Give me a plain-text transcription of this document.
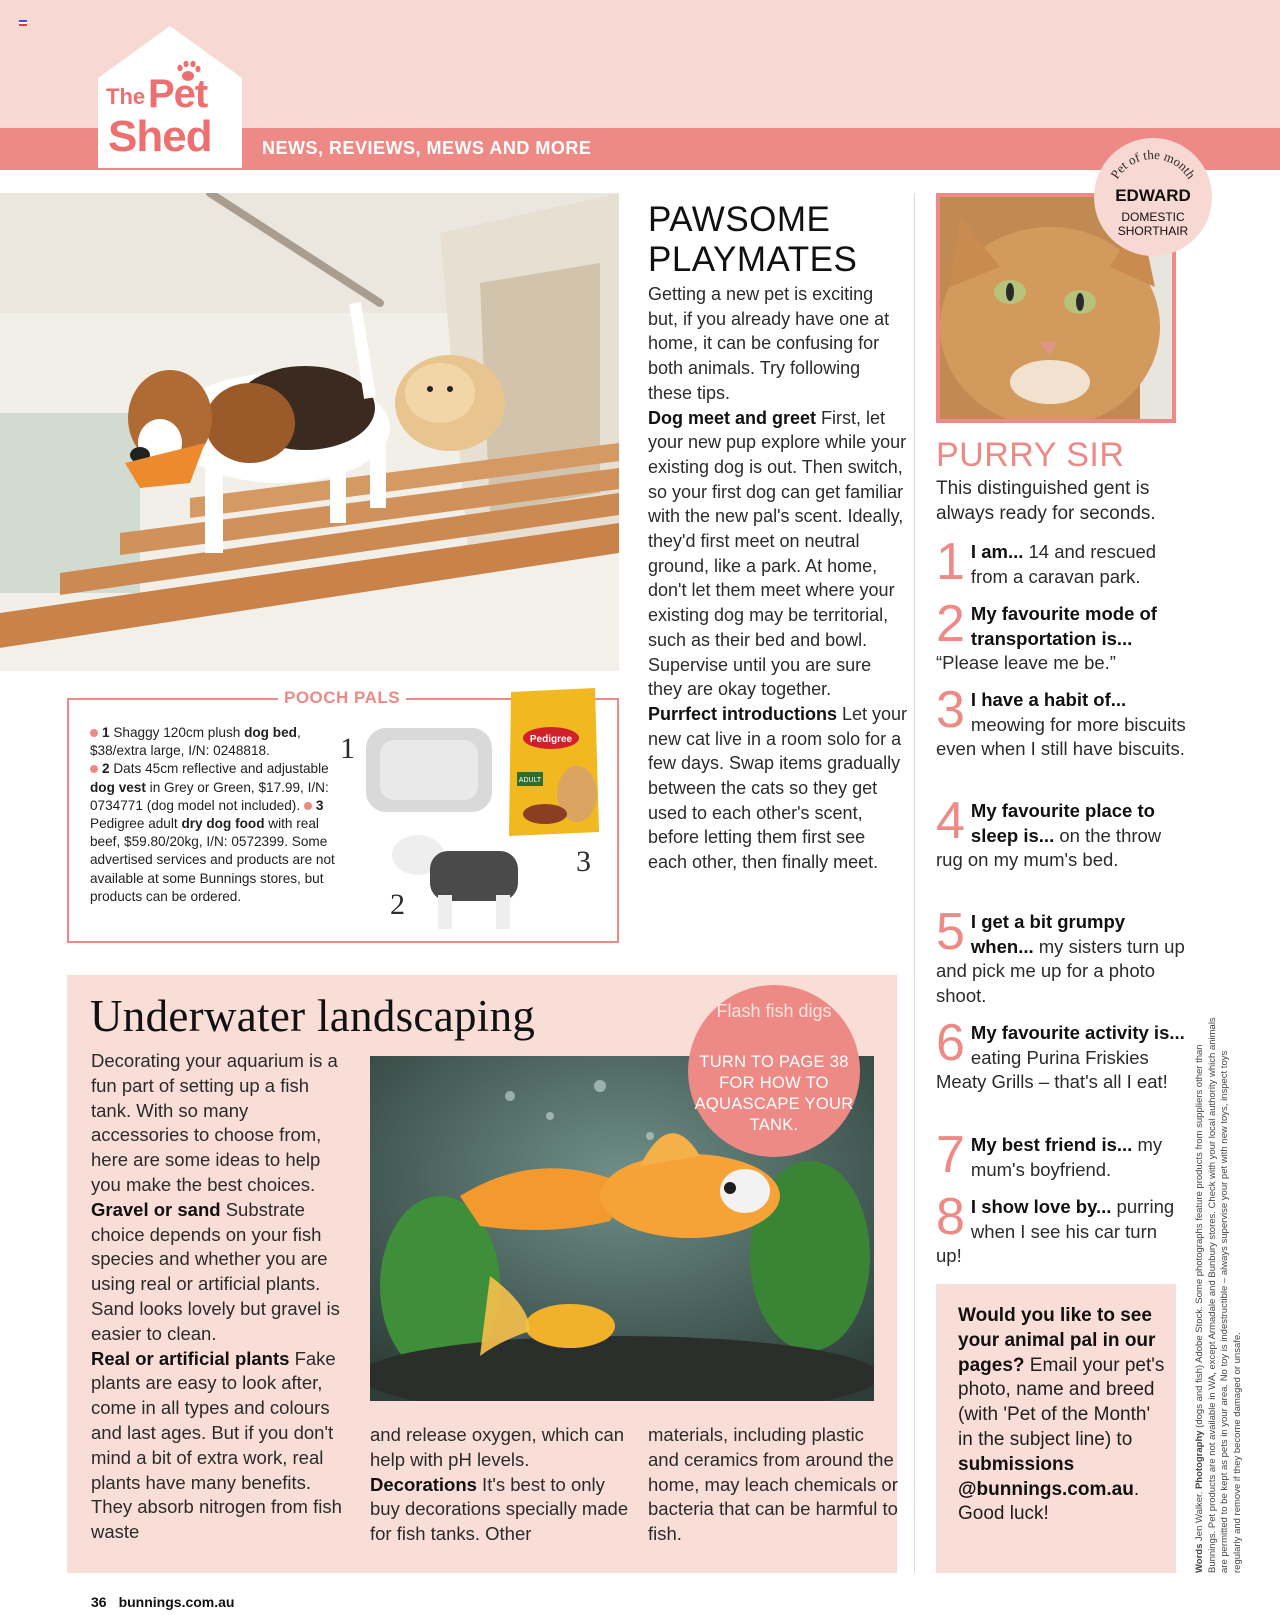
NEWS, REVIEWS, MEWS AND MORE
The Pet
Shed
POOCH PALS
1 Shaggy 120cm plush dog bed, $38/extra large, I/N: 0248818.
2 Dats 45cm reflective and adjustable dog vest in Grey or Green, $17.99, I/N: 0734771 (dog model not included). 3 Pedigree adult dry dog food with real beef, $59.80/20kg, I/N: 0572399. Some advertised services and products are not available at some Bunnings stores, but products can be ordered.
1
2
Pedigree
ADULT
3
PAWSOME PLAYMATES
Getting a new pet is exciting but, if you already have one at home, it can be confusing for both animals. Try following these tips.
Dog meet and greet First, let your new pup explore while your existing dog is out. Then switch, so your first dog can get familiar with the new pal's scent. Ideally, they'd first meet on neutral ground, like a park. At home, don't let them meet where your existing dog may be territorial, such as their bed and bowl. Supervise until you are sure they are okay together.
Purrfect introductions Let your new cat live in a room solo for a few days. Swap items gradually between the cats so they get used to each other's scent, before letting them first see each other, then finally meet.
Pet of the month
EDWARD
DOMESTIC SHORTHAIR
PURRY SIR
This distinguished gent is always ready for seconds.
1 I am... 14 and rescued from a caravan park.
2 My favourite mode of transportation is... “Please leave me be.”
3 I have a habit of... meowing for more biscuits even when I still have biscuits.
4 My favourite place to sleep is... on the throw rug on my mum's bed.
5 I get a bit grumpy when... my sisters turn up and pick me up for a photo shoot.
6 My favourite activity is... eating Purina Friskies Meaty Grills – that's all I eat!
7 My best friend is... my mum's boyfriend.
8 I show love by... purring when I see his car turn up!
Would you like to see your animal pal in our pages? Email your pet's photo, name and breed (with 'Pet of the Month' in the subject line) to submissions @bunnings.com.au. Good luck!
Words Jen Walker. Photography (dogs and fish) Adobe Stock. Some photographs feature products from suppliers other than Bunnings. Pet products are not available in WA, except Armadale and Bunbury stores. Check with your local authority which animals are permitted to be kept as pets in your area. No toy is indestructible – always supervise your pet with new toys, inspect toys regularly and remove if they become damaged or unsafe.
Underwater landscaping
Decorating your aquarium is a fun part of setting up a fish tank. With so many accessories to choose from, here are some ideas to help you make the best choices.
Gravel or sand Substrate choice depends on your fish species and whether you are using real or artificial plants. Sand looks lovely but gravel is easier to clean.
Real or artificial plants Fake plants are easy to look after, come in all types and colours and last ages. But if you don't mind a bit of extra work, real plants have many benefits. They absorb nitrogen from fish waste
and release oxygen, which can help with pH levels.
Decorations It's best to only buy decorations specially made for fish tanks. Other
materials, including plastic and ceramics from around the home, may leach chemicals or bacteria that can be harmful to fish.
Flash fish digs
TURN TO PAGE 38 FOR HOW TO AQUASCAPE YOUR TANK.
36 bunnings.com.au
